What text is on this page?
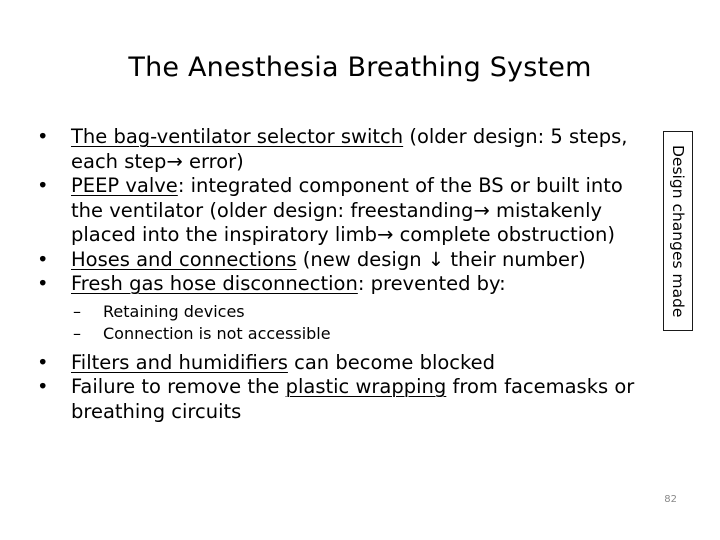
The Anesthesia Breathing System
•	The bag-ventilator selector switch (older design: 5 steps, each step→ error)
•	PEEP valve: integrated component of the BS or built into the ventilator (older design: freestanding→ mistakenly placed into the inspiratory limb→ complete obstruction)
•	Hoses and connections (new design ↓ their number)
•	Fresh gas hose disconnection: prevented by:
– Retaining devices
– Connection is not accessible
•	Filters and humidifiers can become blocked
•	Failure to remove the plastic wrapping from facemasks or breathing circuits
Design changes made
82
